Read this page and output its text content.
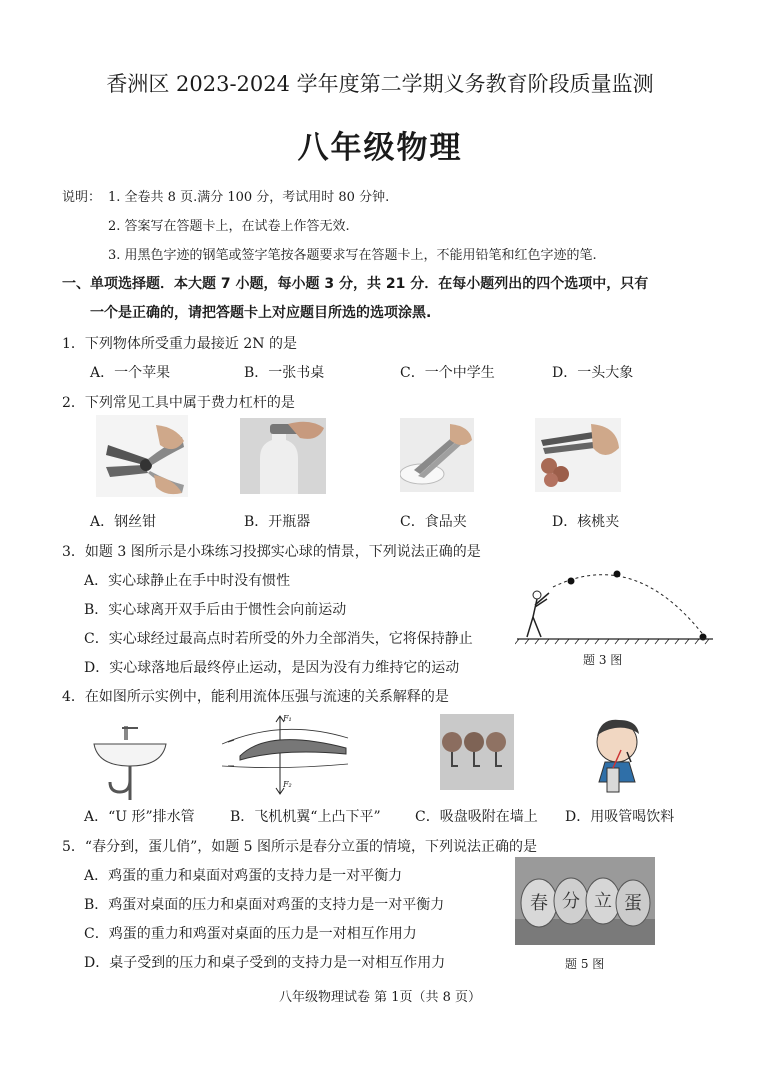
香洲区 2023-2024 学年度第二学期义务教育阶段质量监测
八年级物理
说明： 1. 全卷共 8 页.满分 100 分，考试用时 80 分钟.
2. 答案写在答题卡上，在试卷上作答无效.
3. 用黑色字迹的钢笔或签字笔按各题要求写在答题卡上，不能用铅笔和红色字迹的笔.
一、单项选择题．本大题 7 小题，每小题 3 分，共 21 分．在每小题列出的四个选项中，只有
一个是正确的，请把答题卡上对应题目所选的选项涂黑.
1．下列物体所受重力最接近 2N 的是
A．一个苹果	B．一张书桌	C．一个中学生	D．一头大象
2．下列常见工具中属于费力杠杆的是
A．钢丝钳	B．开瓶器	C．食品夹	D．核桃夹
3．如题 3 图所示是小珠练习投掷实心球的情景，下列说法正确的是
A．实心球静止在手中时没有惯性
B．实心球离开双手后由于惯性会向前运动
C．实心球经过最高点时若所受的外力全部消失，它将保持静止
D．实心球落地后最终停止运动，是因为没有力维持它的运动	题 3 图
4．在如图所示实例中，能利用流体压强与流速的关系解释的是
F₁
F₂
A．“U 形”排水管	B．飞机机翼“上凸下平” C．吸盘吸附在墙上 D．用吸管喝饮料
5．“春分到，蛋儿俏”，如题 5 图所示是春分立蛋的情境，下列说法正确的是
A．鸡蛋的重力和桌面对鸡蛋的支持力是一对平衡力
B．鸡蛋对桌面的压力和桌面对鸡蛋的支持力是一对平衡力
C．鸡蛋的重力和鸡蛋对桌面的压力是一对相互作用力
D．桌子受到的压力和桌子受到的支持力是一对相互作用力
春 分 立 蛋
题 5 图
八年级物理试卷 第 1页（共 8 页）
